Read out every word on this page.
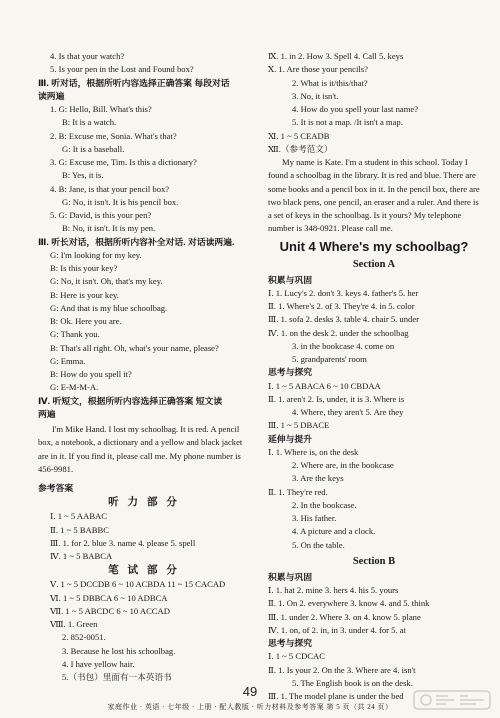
4. Is that your watch?
5. Is your pen in the Lost and Found box?
Ⅲ. 听对话，根据所听内容选择正确答案 每段对话
读两遍
1. G: Hello, Bill. What's this?
B: It is a watch.
2. B: Excuse me, Sonia. What's that?
G: It is a baseball.
3. G: Excuse me, Tim. Is this a dictionary?
B: Yes, it is.
4. B: Jane, is that your pencil box?
G: No, it isn't. It is his pencil box.
5. G: David, is this your pen?
B: No, it isn't. It is my pen.
Ⅲ. 听长对话，根据所听内容补全对话. 对话读两遍.
G: I'm looking for my key.
B: Is this your key?
G: No, it isn't. Oh, that's my key.
B: Here is your key.
G: And that is my blue schoolbag.
B: Ok. Here you are.
G: Thank you.
B: That's all right. Oh, what's your name, please?
G: Emma.
B: How do you spell it?
G: E-M-M-A.
Ⅳ. 听短文，根据所听内容选择正确答案 短文读
两遍
I'm Mike Hand. I lost my schoolbag. It is red. A pencil box, a notebook, a dictionary and a yellow and black jacket are in it. If you find it, please call me. My phone number is 456-9981.
参考答案
听 力 部 分
Ⅰ. 1 ~ 5 AABAC
Ⅱ. 1 ~ 5 BABBC
Ⅲ. 1. for 2. blue 3. name 4. please 5. spell
Ⅳ. 1 ~ 5 BABCA
笔 试 部 分
Ⅴ. 1 ~ 5 DCCDB 6 ~ 10 ACBDA 11 ~ 15 CACAD
Ⅵ. 1 ~ 5 DBBCA 6 ~ 10 ADBCA
Ⅶ. 1 ~ 5 ABCDC 6 ~ 10 ACCAD
Ⅷ. 1. Green
2. 852-0051.
3. Because he lost his schoolbag.
4. I have yellow hair.
5.（书包）里面有一本英语书
Ⅸ. 1. in 2. How 3. Spell 4. Call 5. keys
Ⅹ. 1. Are those your pencils?
2. What is it/this/that?
3. No, it isn't.
4. How do you spell your last name?
5. It is not a map. /It isn't a map.
Ⅺ. 1 ~ 5 CEADB
Ⅻ.（参考范文）
My name is Kate. I'm a student in this school. Today I found a schoolbag in the library. It is red and blue. There are some books and a pencil box in it. In the pencil box, there are two black pens, one pencil, an eraser and a ruler. And there is a set of keys in the schoolbag. Is it yours? My telephone number is 348-0921. Please call me.
Unit 4 Where's my schoolbag?
Section A
积累与巩固
Ⅰ. 1. Lucy's 2. don't 3. keys 4. father's 5. her
Ⅱ. 1. Where's 2. of 3. They're 4. in 5. color
Ⅲ. 1. sofa 2. desks 3. table 4. chair 5. under
Ⅳ. 1. on the desk 2. under the schoolbag
3. in the bookcase 4. come on
5. grandparents' room
思考与探究
Ⅰ. 1 ~ 5 ABACA 6 ~ 10 CBDAA
Ⅱ. 1. aren't 2. Is, under, it is 3. Where is
4. Where, they aren't 5. Are they
Ⅲ. 1 ~ 5 DBACE
延伸与提升
Ⅰ. 1. Where is, on the desk
2. Where are, in the bookcase
3. Are the keys
Ⅱ. 1. They're red.
2. In the bookcase.
3. His father.
4. A picture and a clock.
5. On the table.
Section B
积累与巩固
Ⅰ. 1. hat 2. mine 3. hers 4. his 5. yours
Ⅱ. 1. On 2. everywhere 3. know 4. and 5. think
Ⅲ. 1. under 2. Where 3. on 4. know 5. plane
Ⅳ. 1. on, of 2. in, in 3. under 4. for 5. at
思考与探究
Ⅰ. 1 ~ 5 CDCAC
Ⅱ. 1. Is your 2. On the 3. Where are 4. isn't
5. The English book is on the desk.
Ⅲ. 1. The model plane is under the bed
49
家庭作业 · 英语 · 七年级 · 上册 · 配人教版 · 听力材料及参考答案 第 5 页（共 24 页）
